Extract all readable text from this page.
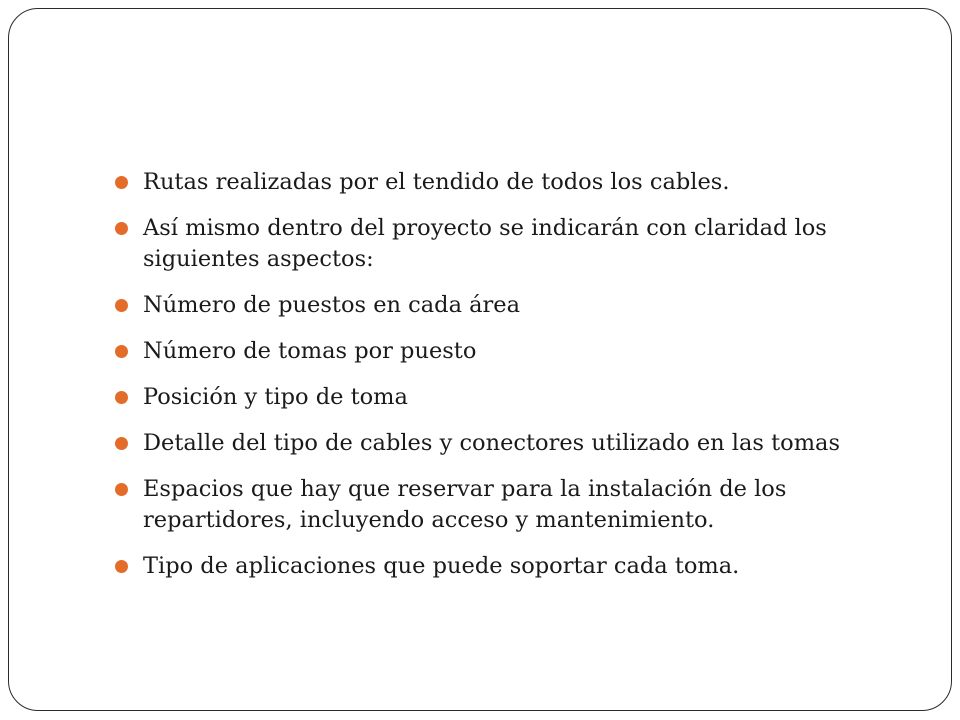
Rutas realizadas por el tendido de todos los cables.
Así mismo dentro del proyecto se indicarán con claridad los siguientes aspectos:
Número de puestos en cada área
Número de tomas por puesto
Posición y tipo de toma
Detalle del tipo de cables y conectores utilizado en las tomas
Espacios que hay que reservar para la instalación de los repartidores, incluyendo acceso y mantenimiento.
Tipo de aplicaciones que puede soportar cada toma.
